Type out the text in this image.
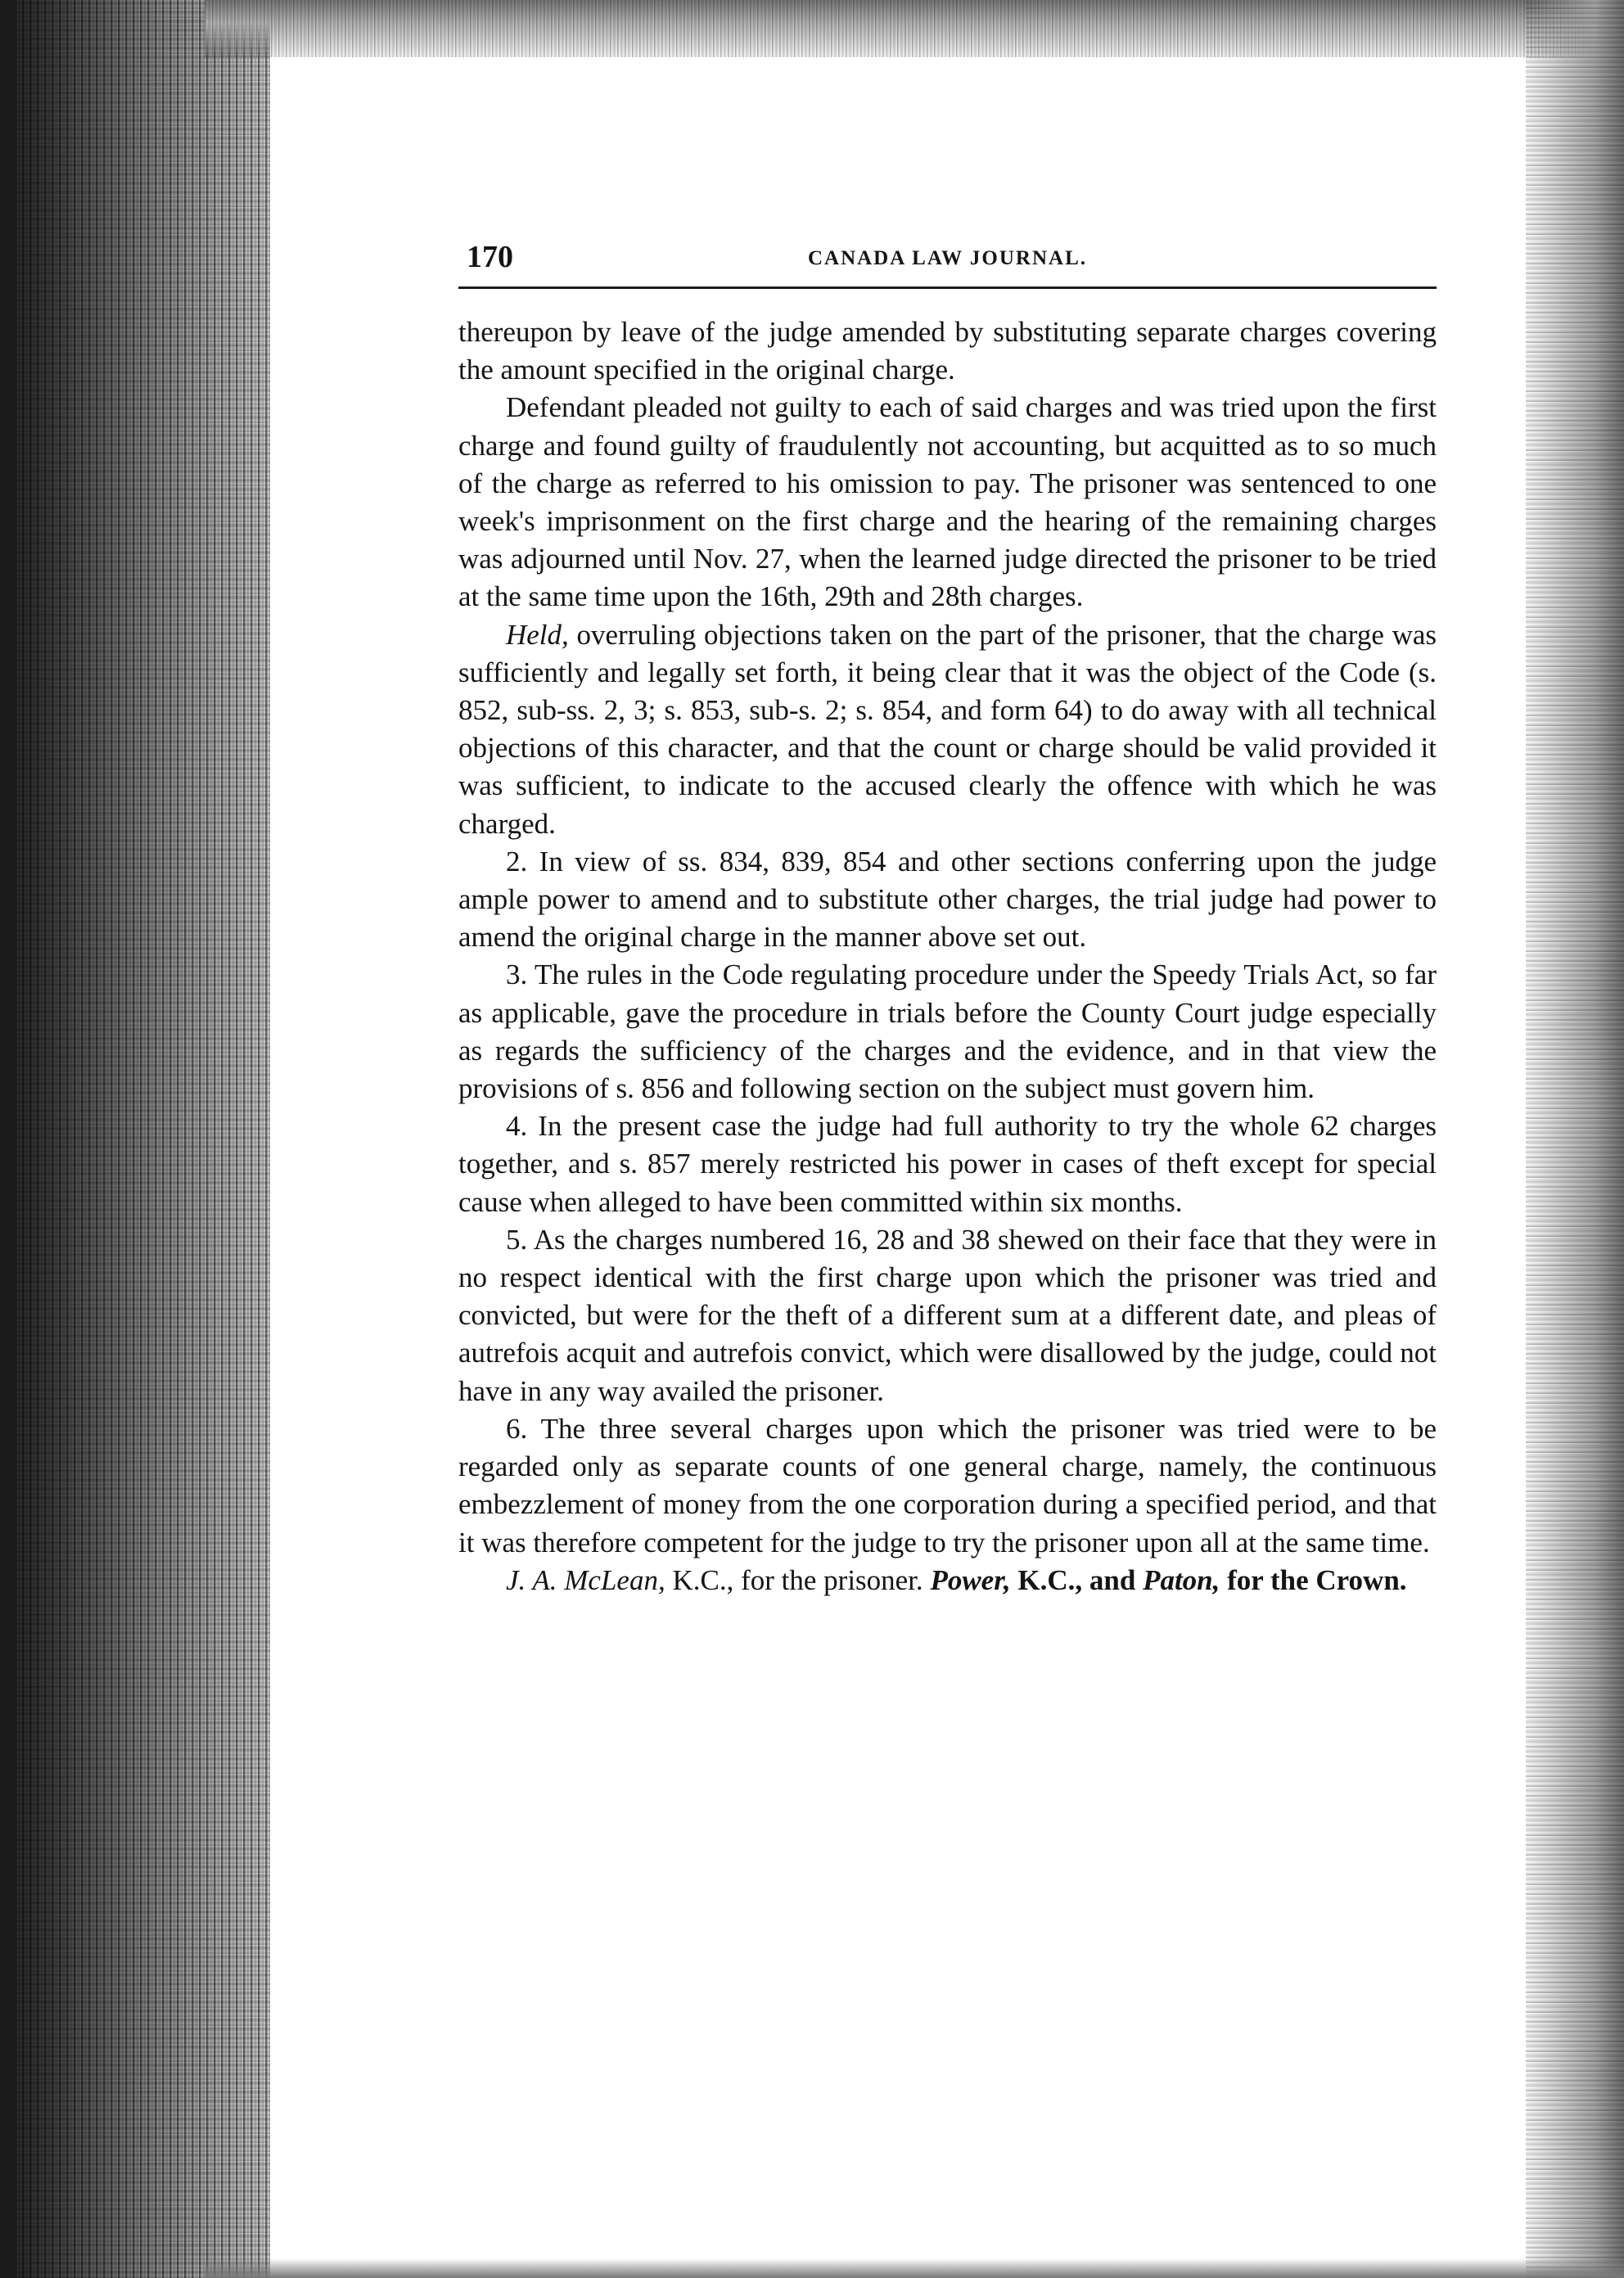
170	CANADA LAW JOURNAL.

thereupon by leave of the judge amended by substituting separate charges covering the amount specified in the original charge.

Defendant pleaded not guilty to each of said charges and was tried upon the first charge and found guilty of fraudulently not accounting, but acquitted as to so much of the charge as referred to his omission to pay. The prisoner was sentenced to one week's imprisonment on the first charge and the hearing of the remaining charges was adjourned until Nov. 27, when the learned judge directed the prisoner to be tried at the same time upon the 16th, 29th and 28th charges.

Held, overruling objections taken on the part of the prisoner, that the charge was sufficiently and legally set forth, it being clear that it was the object of the Code (s. 852, sub-ss. 2, 3; s. 853, sub-s. 2; s. 854, and form 64) to do away with all technical objections of this character, and that the count or charge should be valid provided it was sufficient, to indicate to the accused clearly the offence with which he was charged.

2. In view of ss. 834, 839, 854 and other sections conferring upon the judge ample power to amend and to substitute other charges, the trial judge had power to amend the original charge in the manner above set out.

3. The rules in the Code regulating procedure under the Speedy Trials Act, so far as applicable, gave the procedure in trials before the County Court judge especially as regards the sufficiency of the charges and the evidence, and in that view the provisions of s. 856 and following section on the subject must govern him.

4. In the present case the judge had full authority to try the whole 62 charges together, and s. 857 merely restricted his power in cases of theft except for special cause when alleged to have been committed within six months.

5. As the charges numbered 16, 28 and 38 shewed on their face that they were in no respect identical with the first charge upon which the prisoner was tried and convicted, but were for the theft of a different sum at a different date, and pleas of autrefois acquit and autrefois convict, which were disallowed by the judge, could not have in any way availed the prisoner.

6. The three several charges upon which the prisoner was tried were to be regarded only as separate counts of one general charge, namely, the continuous embezzlement of money from the one corporation during a specified period, and that it was therefore competent for the judge to try the prisoner upon all at the same time.

J. A. McLean, K.C., for the prisoner. Power, K.C., and Paton, for the Crown.
